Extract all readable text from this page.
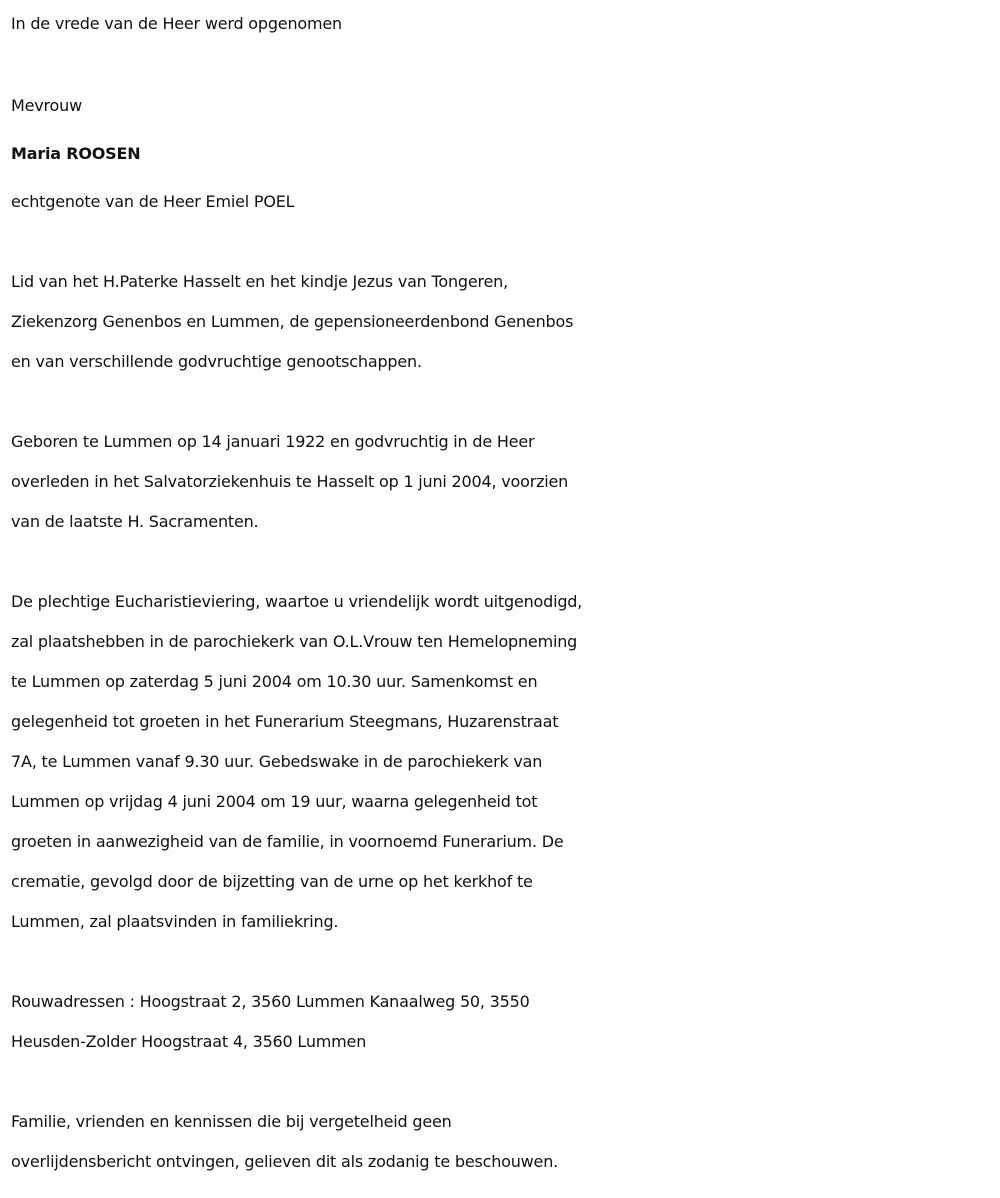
In de vrede van de Heer werd opgenomen

Mevrouw

Maria ROOSEN

echtgenote van de Heer Emiel POEL

Lid van het H.Paterke Hasselt en het kindje Jezus van Tongeren,

Ziekenzorg Genenbos en Lummen, de gepensioneerdenbond Genenbos

en van verschillende godvruchtige genootschappen.

Geboren te Lummen op 14 januari 1922 en godvruchtig in de Heer

overleden in het Salvatorziekenhuis te Hasselt op 1 juni 2004, voorzien

van de laatste H. Sacramenten.

De plechtige Eucharistieviering, waartoe u vriendelijk wordt uitgenodigd,

zal plaatshebben in de parochiekerk van O.L.Vrouw ten Hemelopneming

te Lummen op zaterdag 5 juni 2004 om 10.30 uur. Samenkomst en

gelegenheid tot groeten in het Funerarium Steegmans, Huzarenstraat

7A, te Lummen vanaf 9.30 uur. Gebedswake in de parochiekerk van

Lummen op vrijdag 4 juni 2004 om 19 uur, waarna gelegenheid tot

groeten in aanwezigheid van de familie, in voornoemd Funerarium. De

crematie, gevolgd door de bijzetting van de urne op het kerkhof te

Lummen, zal plaatsvinden in familiekring.

Rouwadressen : Hoogstraat 2, 3560 Lummen Kanaalweg 50, 3550

Heusden-Zolder Hoogstraat 4, 3560 Lummen

Familie, vrienden en kennissen die bij vergetelheid geen

overlijdensbericht ontvingen, gelieven dit als zodanig te beschouwen.
